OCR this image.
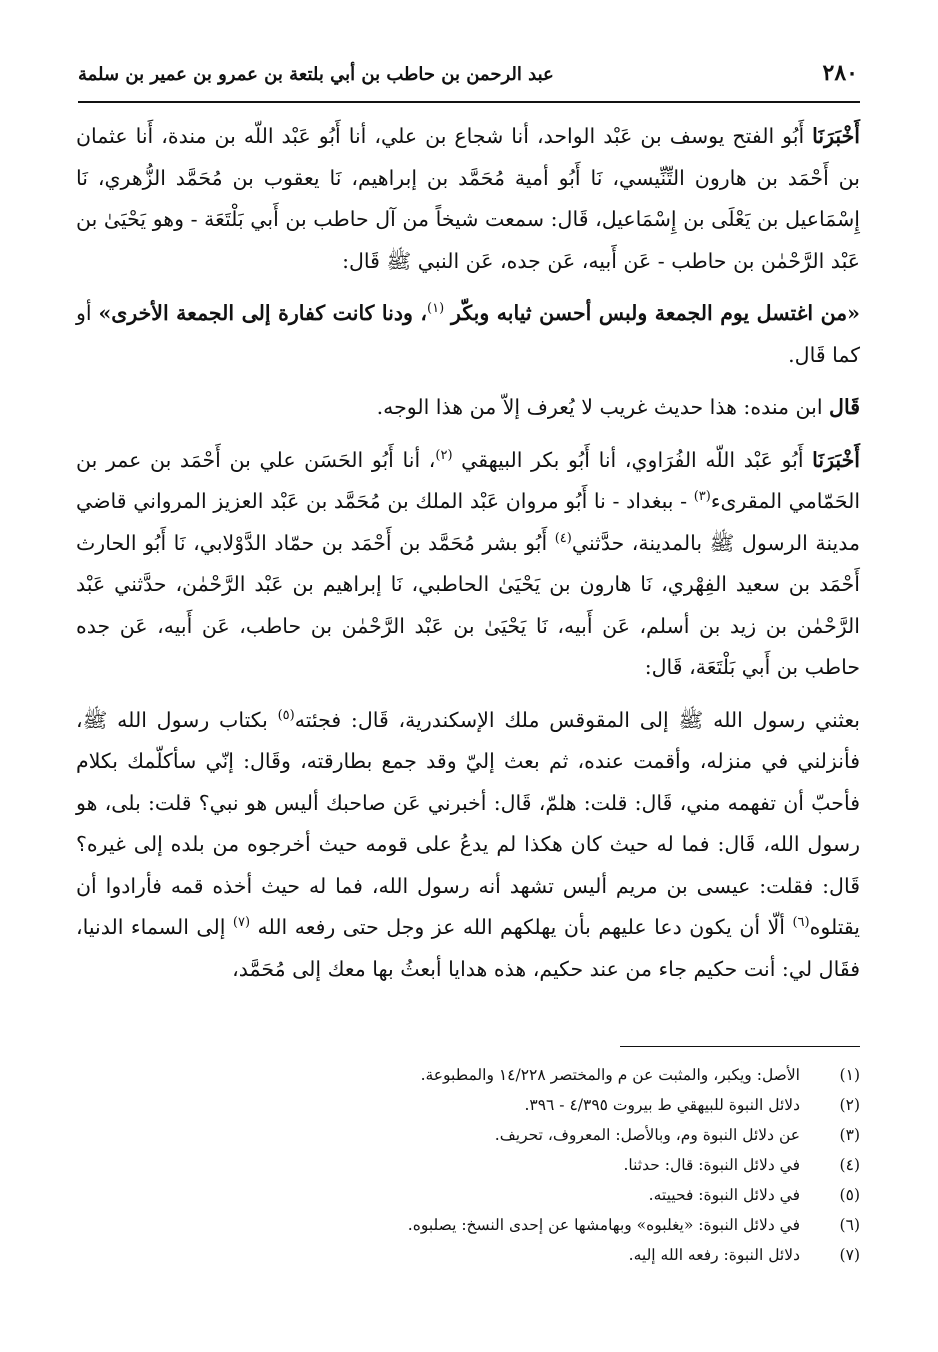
٢٨٠
عبد الرحمن بن حاطب بن أبي بلتعة بن عمرو بن عمير بن سلمة

أَخْبَرَنَا أَبُو الفتح يوسف بن عَبْد الواحد، أنا شجاع بن علي، أنا أَبُو عَبْد اللّه بن مندة، أَنا عثمان بن أَحْمَد بن هارون التِّنِّيسي، نَا أَبُو أمية مُحَمَّد بن إبراهيم، نَا يعقوب بن مُحَمَّد الزُّهري، نَا إِسْمَاعيل بن يَعْلَى بن إِسْمَاعيل، قَال: سمعت شيخاً من آل حاطب بن أَبي بَلْتَعَة - وهو يَحْيَىٰ بن عَبْد الرَّحْمٰن بن حاطب - عَن أَبيه، عَن جده، عَن النبي ﷺ قَال:

«من اغتسل يوم الجمعة ولبس أحسن ثيابه وبكّر $^{(١)}$، ودنا كانت كفارة إلى الجمعة الأخرى» أو كما قَال.

قَال ابن منده: هذا حديث غريب لا يُعرف إلاّ من هذا الوجه.

أَخْبَرَنَا أَبُو عَبْد اللّه الفُرَاوي، أنا أَبُو بكر البيهقي $^{(٢)}$، أنا أَبُو الحَسَن علي بن أَحْمَد بن عمر بن الحَمّامي المقرىء$^{(٣)}$ - ببغداد - نا أَبُو مروان عَبْد الملك بن مُحَمَّد بن عَبْد العزيز المرواني قاضي مدينة الرسول ﷺ بالمدينة، حدَّثني$^{(٤)}$ أَبُو بشر مُحَمَّد بن أَحْمَد بن حمّاد الدَّوْلابي، نَا أَبُو الحارث أَحْمَد بن سعيد الفِهْري، نَا هارون بن يَحْيَىٰ الحاطبي، نَا إبراهيم بن عَبْد الرَّحْمٰن، حدَّثني عَبْد الرَّحْمٰن بن زيد بن أسلم، عَن أَبيه، نَا يَحْيَىٰ بن عَبْد الرَّحْمٰن بن حاطب، عَن أَبيه، عَن جده حاطب بن أَبي بَلْتَعَة، قَال:

بعثني رسول الله ﷺ إلى المقوقس ملك الإسكندرية، قَال: فجئته$^{(٥)}$ بكتاب رسول الله ﷺ، فأنزلني في منزله، وأقمت عنده، ثم بعث إليّ وقد جمع بطارقته، وقَال: إنّي سأكلّمك بكلام فأحبّ أن تفهمه مني، قَال: قلت: هلمّ، قَال: أخبرني عَن صاحبك أليس هو نبي؟ قلت: بلى، هو رسول الله، قَال: فما له حيث كان هكذا لم يدعُ على قومه حيث أخرجوه من بلده إلى غيره؟ قَال: فقلت: عيسى بن مريم أليس تشهد أنه رسول الله، فما له حيث أخذه قمه فأرادوا أن يقتلوه$^{(٦)}$ ألّا أن يكون دعا عليهم بأن يهلكهم الله عز وجل حتى رفعه الله $^{(٧)}$ إلى السماء الدنيا، فقَال لي: أنت حكيم جاء من عند حكيم، هذه هدايا أبعثُ بها معك إلى مُحَمَّد،

(١)
الأصل: ويكبر، والمثبت عن م والمختصر ١٤/٢٢٨ والمطبوعة.
(٢)
دلائل النبوة للبيهقي ط بيروت ٤/٣٩٥ - ٣٩٦.
(٣)
عن دلائل النبوة وم، وبالأصل: المعروف، تحريف.
(٤)
في دلائل النبوة: قال: حدثنا.
(٥)
في دلائل النبوة: فحييته.
(٦)
في دلائل النبوة: «يغلبوه» وبهامشها عن إحدى النسخ: يصلبوه.
(٧)
دلائل النبوة: رفعه الله إليه.
